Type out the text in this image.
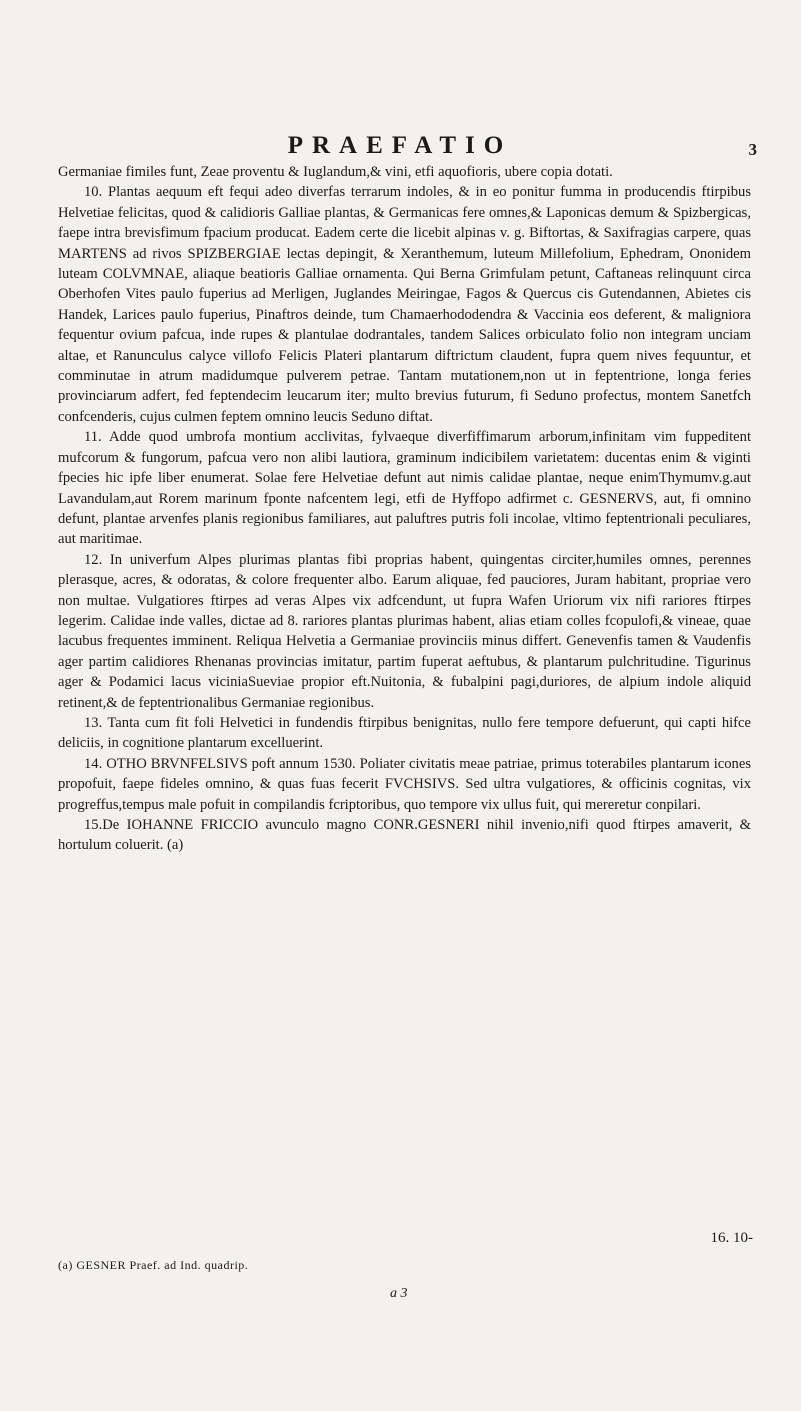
PRAEFATIO	3

Germaniae fimiles funt, Zeae proventu & Iuglandum,& vini, etfi aquofioris, ubere copia dotati.

10. Plantas aequum eft fequi adeo diverfas terrarum indoles, & in eo ponitur fumma in producendis ftirpibus Helvetiae felicitas, quod & calidioris Galliae plantas, & Germanicas fere omnes,& Laponicas demum & Spizbergicas, faepe intra brevisfimum fpacium producat. Eadem certe die licebit alpinas v. g. Biftortas, & Saxifragias carpere, quas MARTENS ad rivos SPIZBERGIAE lectas depingit, & Xeranthemum, luteum Millefolium, Ephedram, Ononidem luteam COLVMNAE, aliaque beatioris Galliae ornamenta. Qui Berna Grimfulam petunt, Caftaneas relinquunt circa Oberhofen Vites paulo fuperius ad Merligen, Juglandes Meiringae, Fagos & Quercus cis Gutendannen, Abietes cis Handek, Larices paulo fuperius, Pinaftros deinde, tum Chamaerhododendra & Vaccinia eos deferent, & maligniora fequentur ovium pafcua, inde rupes & plantulae dodrantales, tandem Salices orbiculato folio non integram unciam altae, et Ranunculus calyce villofo Felicis Plateri plantarum diftrictum claudent, fupra quem nives fequuntur, et comminutae in atrum madidumque pulverem petrae. Tantam mutationem,non ut in feptentrione, longa feries provinciarum adfert, fed feptendecim leucarum iter; multo brevius futurum, fi Seduno profectus, montem Sanetfch confcenderis, cujus culmen feptem omnino leucis Seduno diftat.

11. Adde quod umbrofa montium acclivitas, fylvaeque diverfiffimarum arborum,infinitam vim fuppeditent mufcorum & fungorum, pafcua vero non alibi lautiora, graminum indicibilem varietatem: ducentas enim & viginti fpecies hic ipfe liber enumerat. Solae fere Helvetiae defunt aut nimis calidae plantae, neque enimThymumv.g.aut Lavandulam,aut Rorem marinum fponte nafcentem legi, etfi de Hyffopo adfirmet c. GESNERVS, aut, fi omnino defunt, plantae arvenfes planis regionibus familiares, aut paluftres putris foli incolae, vltimo feptentrionali peculiares, aut maritimae.

12. In univerfum Alpes plurimas plantas fibi proprias habent, quingentas circiter,humiles omnes, perennes plerasque, acres, & odoratas, & colore frequenter albo. Earum aliquae, fed pauciores, Juram habitant, propriae vero non multae. Vulgatiores ftirpes ad veras Alpes vix adfcendunt, ut fupra Wafen Uriorum vix nifi rariores ftirpes legerim. Calidae inde valles, dictae ad 8. rariores plantas plurimas habent, alias etiam colles fcopulofi,& vineae, quae lacubus frequentes imminent. Reliqua Helvetia a Germaniae provinciis minus differt. Genevenfis tamen & Vaudenfis ager partim calidiores Rhenanas provincias imitatur, partim fuperat aeftubus, & plantarum pulchritudine. Tigurinus ager & Podamici lacus viciniaSueviae propior eft.Nuitonia, & fubalpini pagi,duriores, de alpium indole aliquid retinent,& de feptentrionalibus Germaniae regionibus.

13. Tanta cum fit foli Helvetici in fundendis ftirpibus benignitas, nullo fere tempore defuerunt, qui capti hifce deliciis, in cognitione plantarum excelluerint.

14. OTHO BRVNFELSIVS poft annum 1530. Poliater civitatis meae patriae, primus toterabiles plantarum icones propofuit, faepe fideles omnino, & quas fuas fecerit FVCHSIVS. Sed ultra vulgatiores, & officinis cognitas, vix progreffus,tempus male pofuit in compilandis fcriptoribus, quo tempore vix ullus fuit, qui mereretur conpilari.

15.De IOHANNE FRICCIO avunculo magno CONR.GESNERI nihil invenio,nifi quod ftirpes amaverit, & hortulum coluerit. (a)

16. 10-
(a) GESNER Praef. ad Ind. quadrip.
a 3
